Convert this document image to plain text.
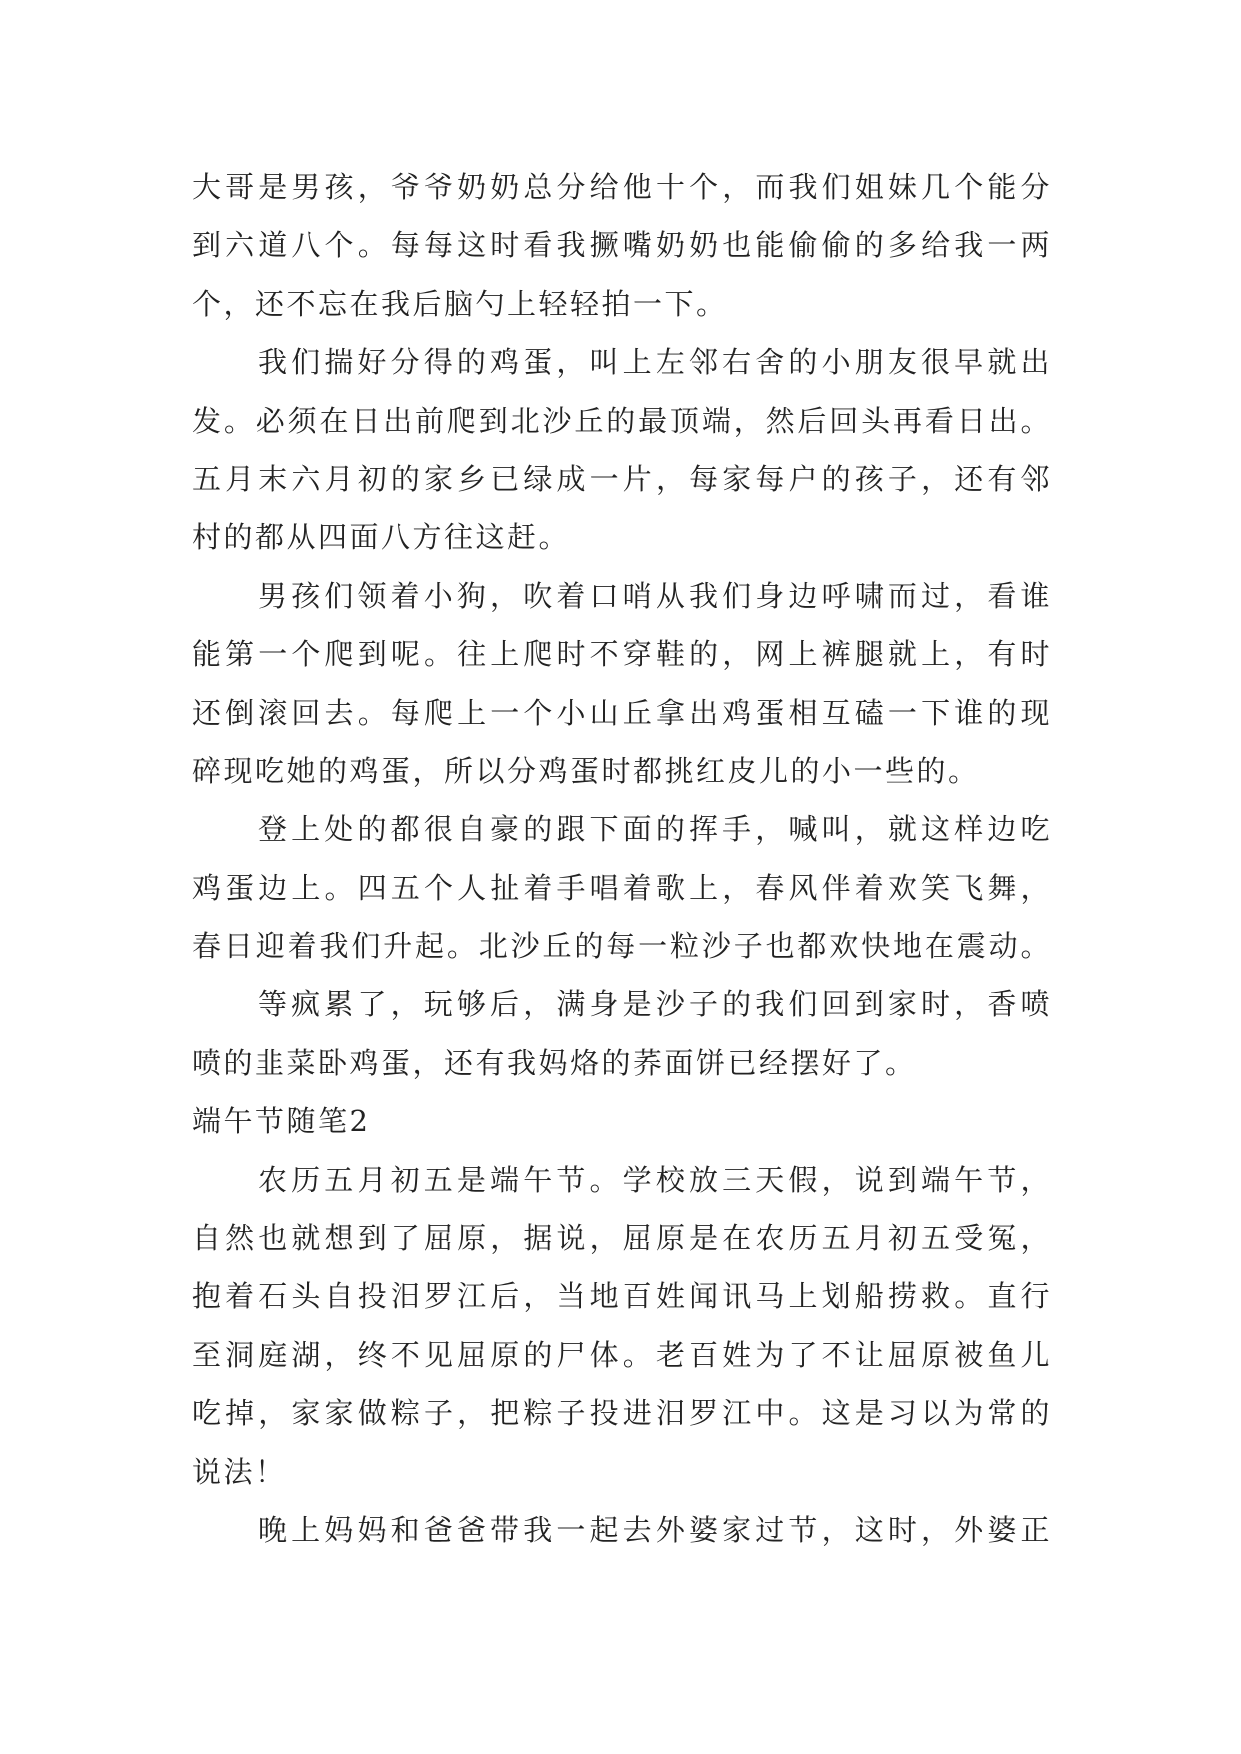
大哥是男孩，爷爷奶奶总分给他十个，而我们姐妹几个能分
到六道八个。每每这时看我撅嘴奶奶也能偷偷的多给我一两
个，还不忘在我后脑勺上轻轻拍一下。
我们揣好分得的鸡蛋，叫上左邻右舍的小朋友很早就出
发。必须在日出前爬到北沙丘的最顶端，然后回头再看日出。
五月末六月初的家乡已绿成一片，每家每户的孩子，还有邻
村的都从四面八方往这赶。
男孩们领着小狗，吹着口哨从我们身边呼啸而过，看谁
能第一个爬到呢。往上爬时不穿鞋的，网上裤腿就上，有时
还倒滚回去。每爬上一个小山丘拿出鸡蛋相互磕一下谁的现
碎现吃她的鸡蛋，所以分鸡蛋时都挑红皮儿的小一些的。
登上处的都很自豪的跟下面的挥手，喊叫，就这样边吃
鸡蛋边上。四五个人扯着手唱着歌上，春风伴着欢笑飞舞，
春日迎着我们升起。北沙丘的每一粒沙子也都欢快地在震动。
等疯累了，玩够后，满身是沙子的我们回到家时，香喷
喷的韭菜卧鸡蛋，还有我妈烙的荞面饼已经摆好了。
端午节随笔2
农历五月初五是端午节。学校放三天假，说到端午节，
自然也就想到了屈原，据说，屈原是在农历五月初五受冤，
抱着石头自投汨罗江后，当地百姓闻讯马上划船捞救。直行
至洞庭湖，终不见屈原的尸体。老百姓为了不让屈原被鱼儿
吃掉，家家做粽子，把粽子投进汨罗江中。这是习以为常的
说法！
晚上妈妈和爸爸带我一起去外婆家过节，这时，外婆正
